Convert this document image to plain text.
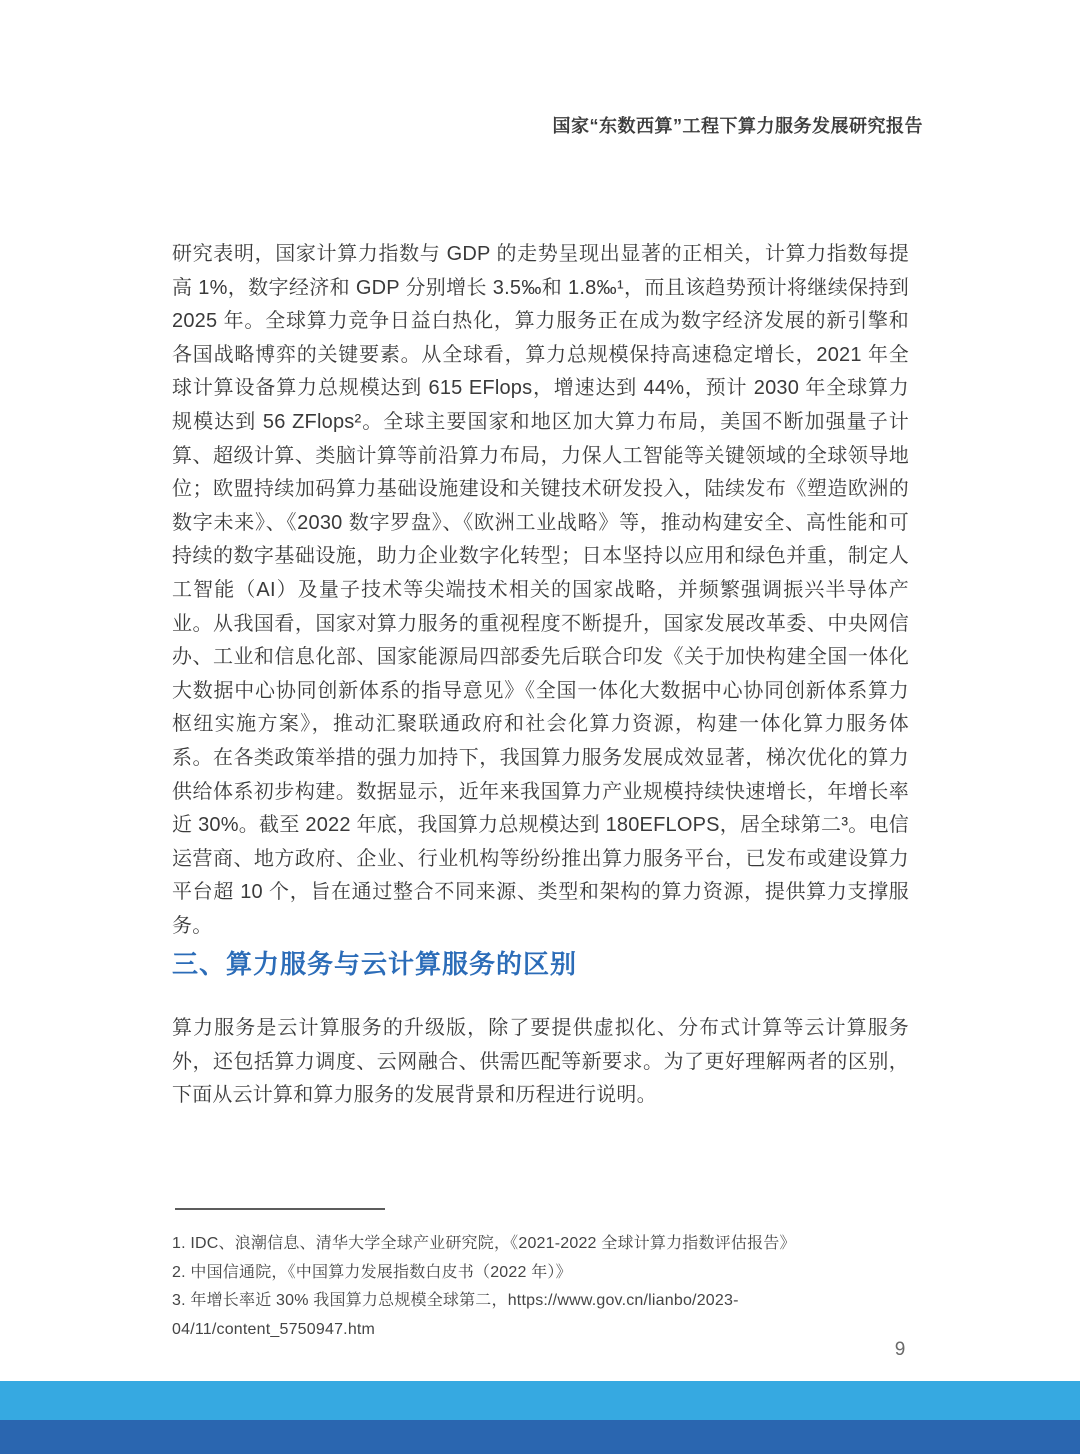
国家“东数西算”工程下算力服务发展研究报告
研究表明，国家计算力指数与 GDP 的走势呈现出显著的正相关，计算力指数每提高 1%，数字经济和 GDP 分别增长 3.5‰和 1.8‰¹，而且该趋势预计将继续保持到 2025 年。全球算力竞争日益白热化，算力服务正在成为数字经济发展的新引擎和各国战略博弈的关键要素。从全球看，算力总规模保持高速稳定增长，2021 年全球计算设备算力总规模达到 615 EFlops，增速达到 44%，预计 2030 年全球算力规模达到 56 ZFlops²。全球主要国家和地区加大算力布局，美国不断加强量子计算、超级计算、类脑计算等前沿算力布局，力保人工智能等关键领域的全球领导地位；欧盟持续加码算力基础设施建设和关键技术研发投入，陆续发布《塑造欧洲的数字未来》、《2030 数字罗盘》、《欧洲工业战略》等，推动构建安全、高性能和可持续的数字基础设施，助力企业数字化转型；日本坚持以应用和绿色并重，制定人工智能（AI）及量子技术等尖端技术相关的国家战略，并频繁强调振兴半导体产业。从我国看，国家对算力服务的重视程度不断提升，国家发展改革委、中央网信办、工业和信息化部、国家能源局四部委先后联合印发《关于加快构建全国一体化大数据中心协同创新体系的指导意见》《全国一体化大数据中心协同创新体系算力枢纽实施方案》，推动汇聚联通政府和社会化算力资源，构建一体化算力服务体系。在各类政策举措的强力加持下，我国算力服务发展成效显著，梯次优化的算力供给体系初步构建。数据显示，近年来我国算力产业规模持续快速增长，年增长率近 30%。截至 2022 年底，我国算力总规模达到 180EFLOPS，居全球第二³。电信运营商、地方政府、企业、行业机构等纷纷推出算力服务平台，已发布或建设算力平台超 10 个，旨在通过整合不同来源、类型和架构的算力资源，提供算力支撑服务。
三、算力服务与云计算服务的区别
算力服务是云计算服务的升级版，除了要提供虚拟化、分布式计算等云计算服务外，还包括算力调度、云网融合、供需匹配等新要求。为了更好理解两者的区别，下面从云计算和算力服务的发展背景和历程进行说明。
1. IDC、浪潮信息、清华大学全球产业研究院，《2021-2022 全球计算力指数评估报告》
2. 中国信通院，《中国算力发展指数白皮书（2022 年）》
3. 年增长率近 30% 我国算力总规模全球第二，https://www.gov.cn/lianbo/2023-04/11/content_5750947.htm
9
